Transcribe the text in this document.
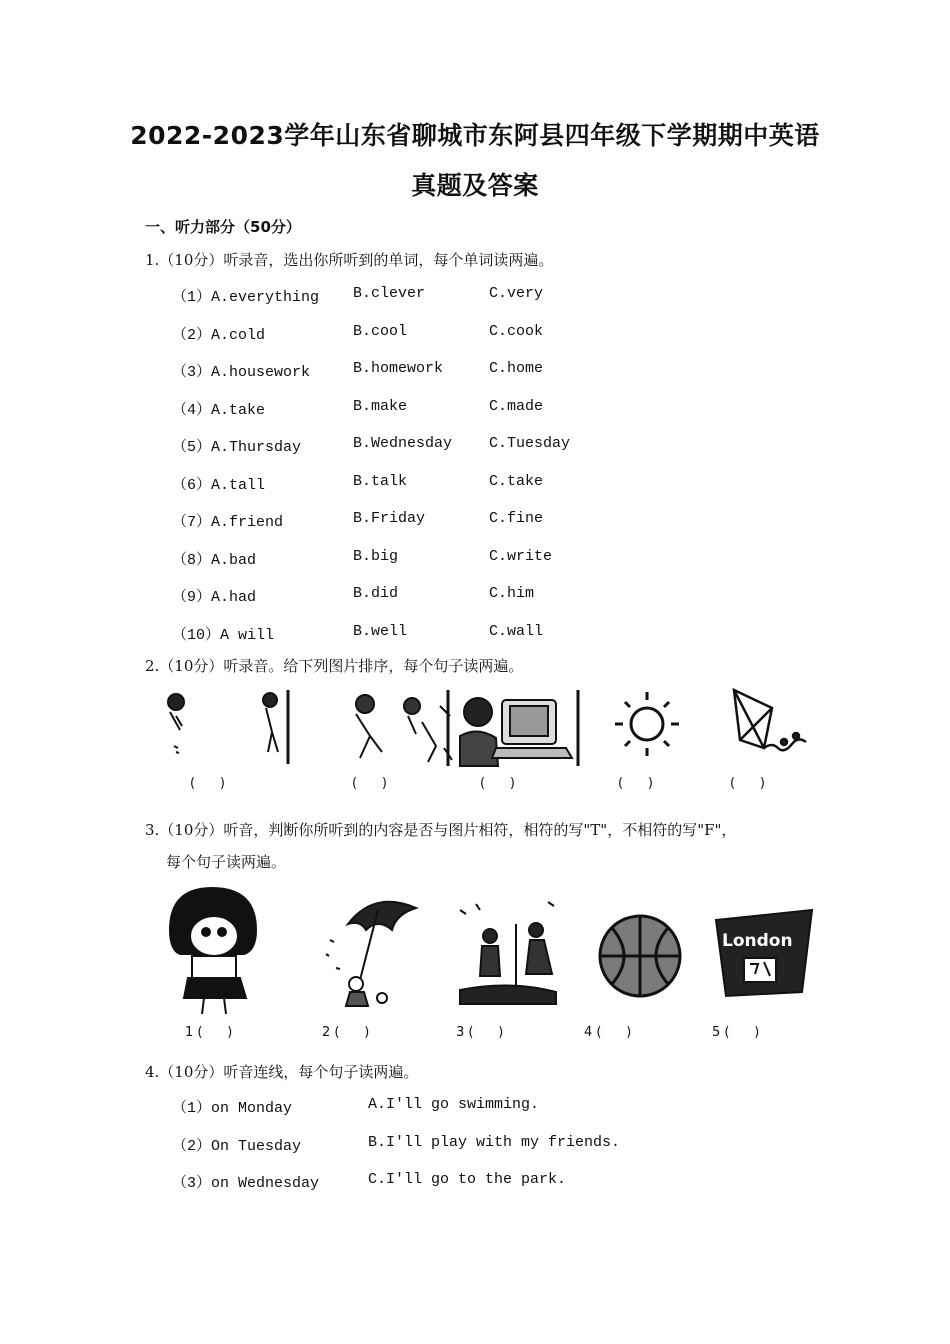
2022-2023学年山东省聊城市东阿县四年级下学期期中英语
真题及答案
一、听力部分（50分）
1.（10分）听录音，选出你所听到的单词，每个单词读两遍。
（1）A.everything B.clever	C.very
（2）A.cold	B.cool	C.cook
（3）A.housework	B.homework	C.home
（4）A.take	B.make	C.made
（5）A.Thursday	B.Wednesday C.Tuesday
（6）A.tall	B.talk	C.take
（7）A.friend	B.Friday	C.fine
（8）A.bad	B.big	C.write
（9）A.had	B.did	C.him
（10）A will	B.well	C.wall
2.（10分）听录音。给下列图片排序，每个句子读两遍。
(      )	(      )	(      )	(      )	(      )
3.（10分）听音，判断你所听到的内容是否与图片相符，相符的写"T"，不相符的写"F"，
每个句子读两遍。
London
1 (      )	2 (      )	3 (      )	4 (      )	5 (      )
4.（10分）听音连线，每个句子读两遍。
（1）on Monday	A.I'll go swimming.
（2）On Tuesday	B.I'll play with my friends.
（3）on Wednesday	C.I'll go to the park.
